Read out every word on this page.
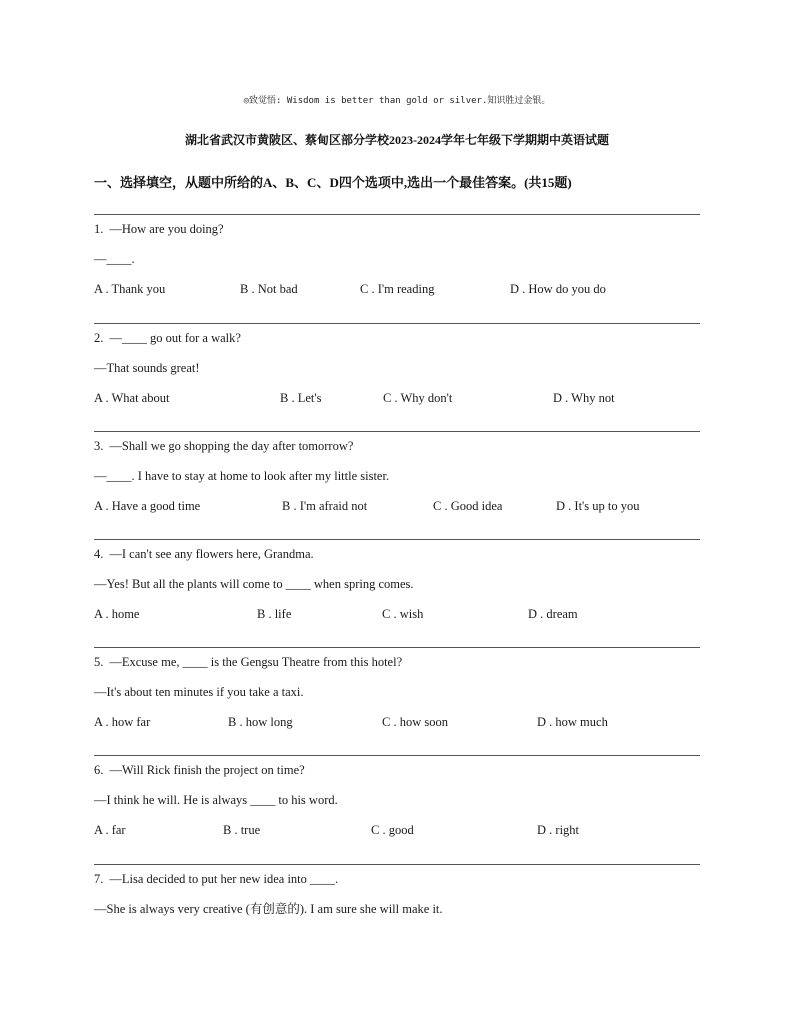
◎致觉悟: Wisdom is better than gold or silver.知识胜过金银。
湖北省武汉市黄陂区、蔡甸区部分学校2023-2024学年七年级下学期期中英语试题
一、选择填空，从题中所给的A、B、C、D四个选项中,选出一个最佳答案。(共15题)
1. —How are you doing?
—____.
A . Thank you	B . Not bad	C . I'm reading	D . How do you do
2. —____ go out for a walk?
—That sounds great!
A . What about	B . Let's	C . Why don't	D . Why not
3. —Shall we go shopping the day after tomorrow?
—____. I have to stay at home to look after my little sister.
A . Have a good time	B . I'm afraid not	C . Good idea	D . It's up to you
4. —I can't see any flowers here, Grandma.
—Yes! But all the plants will come to ____ when spring comes.
A . home	B . life	C . wish	D . dream
5. —Excuse me, ____ is the Gengsu Theatre from this hotel?
—It's about ten minutes if you take a taxi.
A . how far	B . how long	C . how soon	D . how much
6. —Will Rick finish the project on time?
—I think he will. He is always ____ to his word.
A . far	B . true	C . good	D . right
7. —Lisa decided to put her new idea into ____.
—She is always very creative (有创意的). I am sure she will make it.
